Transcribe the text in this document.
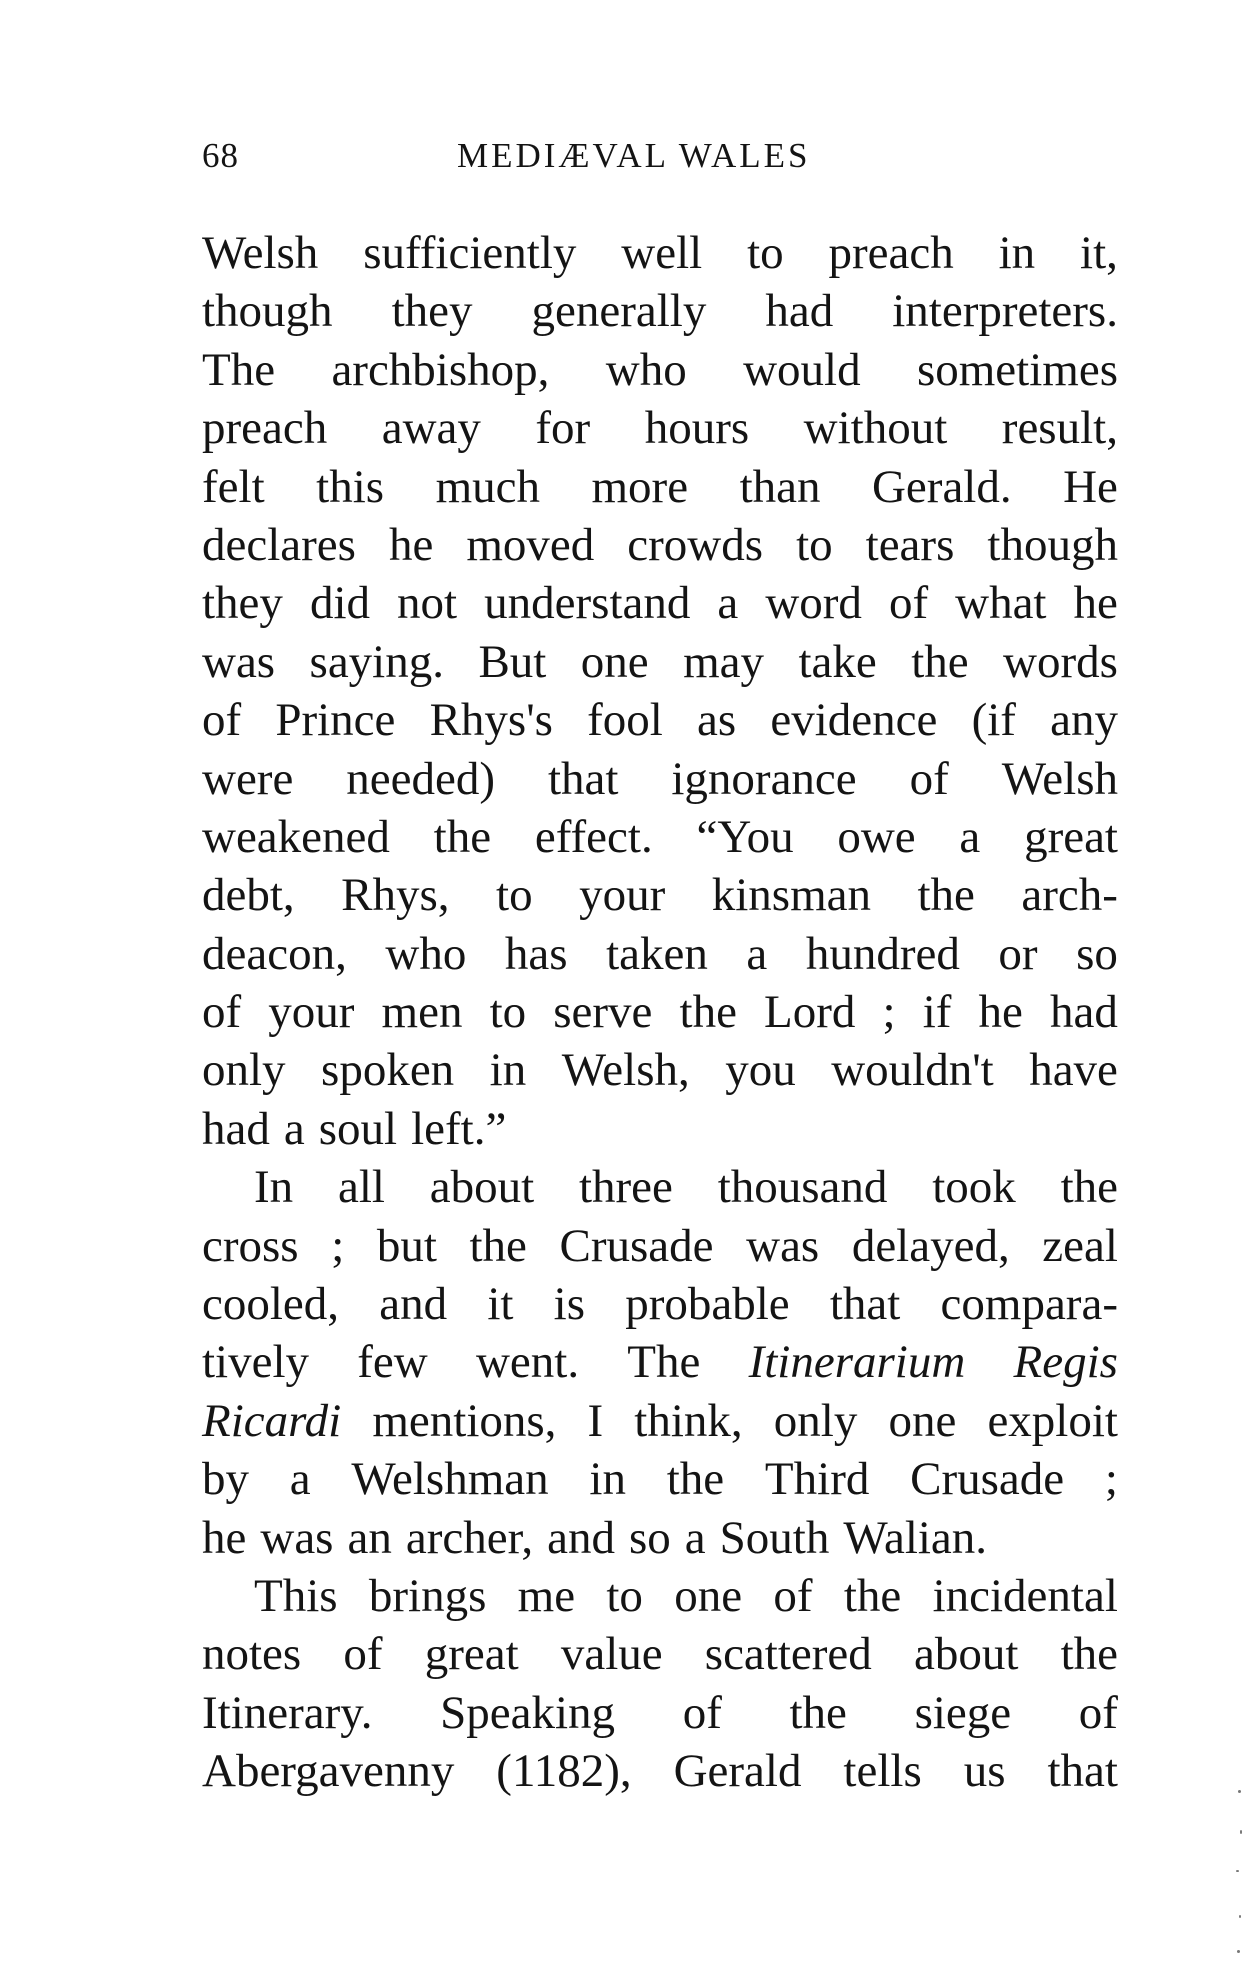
68	MEDIÆVAL WALES
Welsh sufficiently well to preach in it,
though they generally had interpreters.
The archbishop, who would sometimes
preach away for hours without result,
felt this much more than Gerald. He
declares he moved crowds to tears though
they did not understand a word of what he
was saying. But one may take the words
of Prince Rhys's fool as evidence (if any
were needed) that ignorance of Welsh
weakened the effect. “You owe a great
debt, Rhys, to your kinsman the arch-
deacon, who has taken a hundred or so
of your men to serve the Lord ; if he had
only spoken in Welsh, you wouldn't have
had a soul left.”
In all about three thousand took the
cross ; but the Crusade was delayed, zeal
cooled, and it is probable that compara-
tively few went. The Itinerarium Regis
Ricardi mentions, I think, only one exploit
by a Welshman in the Third Crusade ;
he was an archer, and so a South Walian.
This brings me to one of the incidental
notes of great value scattered about the
Itinerary. Speaking of the siege of
Abergavenny (1182), Gerald tells us that
